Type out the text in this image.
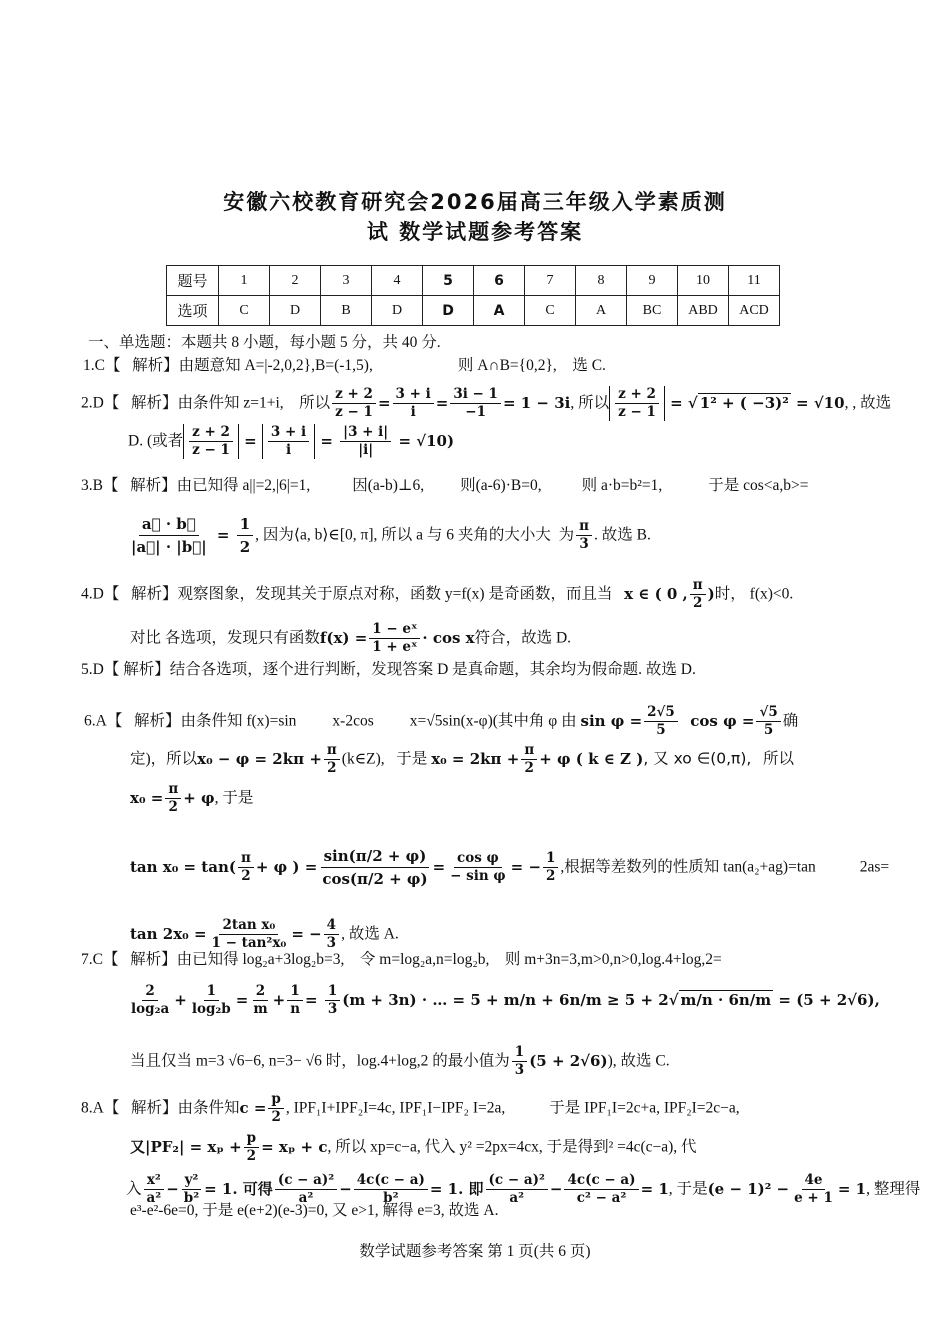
安徽六校教育研究会2026届高三年级入学素质测
试 数学试题参考答案
题号	1	2	3	4	5	6	7	8	9	10	11
选项	C	D	B	D	D	A	C	A	BC	ABD	ACD
一、单选题：本题共 8 小题，每小题 5 分，共 40 分.
1.C【 解析】由题意知 A=|-2,0,2},B=(-1,5),	则 A∩B={0,2}, 选 C.
2.D【 解析】由条件知 z=1+i, 所以 $\frac{z + 2}{z - 1} = \frac{3 + i}{i} = \frac{3i - 1}{-1} = 1 - 3i$, 所以 $\frac{z + 2}{z - 1}$ = √ 1² + ( −3)² = √10, , 故选
D. (或者 $\frac{z + 2}{z - 1} = \frac{3 + i}{i} = \frac{|3 + i|}{|i|} = √10$)
3.B【 解析】由已知得 a||=2,|6|=1,	因(a-b)⊥6, 则(a-6)·B=0,	则 a·b=b²=1,	于是 cos<a,b>=
$\frac{a⃗ \cdot b⃗}{|a⃗| \cdot |b⃗|} = \frac{1}{2}$ , 因为⟨a, b⟩∈[0, π], 所以 a 与 6 夹角的大小大 为 $\frac{\pi}{3}$ . 故选 B.
4.D【 解析】观察图象，发现其关于原点对称，函数 y=f(x) 是奇函数，而且当 x ∈ ( 0 , $\frac{\pi}{2}$ )时， f(x)<0.
对比 各选项，发现只有函数$f(x) = \frac{\text{1 − eˣ}}{\text{1 + eˣ}} \cdot \cos x$符合，故选 D.
5.D【 解析】结合各选项，逐个进行判断，发现答案 D 是真命题，其余均为假命题. 故选 D.
6.A【 解析】由条件知 f(x)=sin x-2cos x=√5sin(x-φ)(其中角 φ 由 $\sin \varphi = \frac{2√5}{5}$ $\cos \varphi = \frac{√5}{5}$ 确
定)，所以$x_0 - \varphi = 2k\pi + \frac{\pi}{2}$ (k∈Z), 于是 $x_0 = 2k\pi + \frac{\pi}{2} + \varphi$ ( k ∈ Z ), 又 xo ∈(0,π), 所以
$x_0 = \frac{\pi}{2} + \varphi$, 于是
$\tan x_0 = \tan( \frac{\pi}{2} + \varphi$ ) = $\frac{\sin(\pi/2 + \varphi)}{\cos(\pi/2 + \varphi)} = \frac{\text{cos φ}}{\text{− sin φ}}$ = − $\frac{1}{2}$ ,根据等差数列的性质知 tan(a₂+ag)=tan	2as=
$\tan 2x_0 = \frac{\text{2tan x₀}}{\text{1 − tan²x₀}}$ = − $\frac{4}{3}$ , 故选 A.
7.C【 解析】由已知得 log₂a+3log₂b=3, 令 m=log₂a,n=log₂b, 则 m+3n=3,m>0,n>0,log.4+log,2=
$\frac{2}{\text{log₂a}} + \frac{1}{\text{log₂b}} = \frac{2}{m} + \frac{1}{n} = \frac{1}{3} (m + 3n)$ · … = 5 + m/n + 6n/m ≥ 5 + 2√ m/n · 6n/m = (5 + 2√6),
当且仅当 m=3 √6−6, n=3− √6 时，log.4+log,2 的最小值为 $\frac{1}{3} (5 + 2√6)$), 故选 C.
8.A【 解析】由条件知$c = \frac{p}{2}$ , IPF₁I+IPF₂I=4c, IPF₁I−IPF₂ I=2a,	于是 IPF₁I=2c+a, IPF₂I=2c−a,
又$|PF_2| = x_p + \frac{p}{2} = x_p + c$, 所以 xp=c−a, 代入 y² =2px=4cx, 于是得到² =4c(c−a), 代
入 $\frac{\text{x²}}{\text{a²}} - \frac{\text{y²}}{\text{b²}} = 1$. 可得 $\frac{\text{(c − a)²}}{\text{a²}} - \frac{4c(c - a)}{\text{b²}} = 1$. 即 $\frac{\text{(c − a)²}}{\text{a²}} - \frac{4c(c - a)}{\text{c² − a²}} = 1$, 于是$(e - 1)^2 - \frac{4e}{e + 1} = 1$, 整理得
e³-e²-6e=0, 于是 e(e+2)(e-3)=0, 又 e>1, 解得 e=3, 故选 A.
数学试题参考答案 第 1 页(共 6 页)
